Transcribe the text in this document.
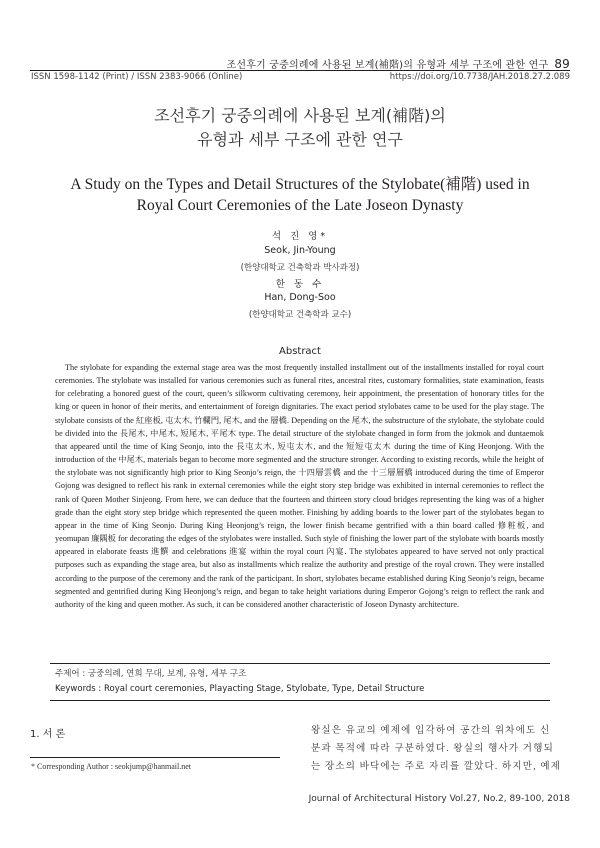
조선후기 궁중의례에 사용된 보계(補階)의 유형과 세부 구조에 관한 연구 89
ISSN 1598-1142 (Print) / ISSN 2383-9066 (Online)	https://doi.org/10.7738/JAH.2018.27.2.089
조선후기 궁중의례에 사용된 보계(補階)의
유형과 세부 구조에 관한 연구
A Study on the Types and Detail Structures of the Stylobate(補階) used in
Royal Court Ceremonies of the Late Joseon Dynasty
석 진 영*
Seok, Jin-Young
(한양대학교 건축학과 박사과정)
한 동 수
Han, Dong-Soo
(한양대학교 건축학과 교수)
Abstract
The stylobate for expanding the external stage area was the most frequently installed installment out of the installments installed for royal court ceremonies. The stylobate was installed for various ceremonies such as funeral rites, ancestral rites, customary formalities, state examination, feasts for celebrating a honored guest of the court, queen’s silkworm cultivating ceremony, heir appointment, the presentation of honorary titles for the king or queen in honor of their merits, and entertainment of foreign dignitaries. The exact period stylobates came to be used for the play stage. The stylobate consists of the 紅座板, 屯太木, 竹欄門, 尾木, and the 層橋. Depending on the 尾木, the substructure of the stylobate, the stylobate could be divided into the 長尾木, 中尾木, 短尾木, 平尾木 type. The detail structure of the stylobate changed in form from the jokmok and duntaemok that appeared until the time of King Seonjo, into the 長屯太木, 短屯太木, and the 短短屯太木 during the time of King Heonjong. With the introduction of the 中尾木, materials began to become more segmented and the structure stronger. According to existing records, while the height of the stylobate was not significantly high prior to King Seonjo’s reign, the 十四層雲橋 and the 十三層層橋 introduced during the time of Emperor Gojong was designed to reflect his rank in external ceremonies while the eight story step bridge was exhibited in internal ceremonies to reflect the rank of Queen Mother Sinjeong. From here, we can deduce that the fourteen and thirteen story cloud bridges representing the king was of a higher grade than the eight story step bridge which represented the queen mother. Finishing by adding boards to the lower part of the stylobates began to appear in the time of King Seonjo. During King Heonjong’s reign, the lower finish became gentrified with a thin board called 修粧板, and yeomupan 廉隅板 for decorating the edges of the stylobates were installed. Such style of finishing the lower part of the stylobate with boards mostly appeared in elaborate feasts 進饌 and celebrations 進宴 within the royal court 內宴. The stylobates appeared to have served not only practical purposes such as expanding the stage area, but also as installments which realize the authority and prestige of the royal crown. They were installed according to the purpose of the ceremony and the rank of the participant. In short, stylobates became established during King Seonjo’s reign, became segmented and gentrified during King Heonjong’s reign, and began to take height variations during Emperor Gojong’s reign to reflect the rank and authority of the king and queen mother. As such, it can be considered another characteristic of Joseon Dynasty architecture.
주제어 : 궁중의례, 연희 무대, 보계, 유형, 세부 구조
Keywords : Royal court ceremonies, Playacting Stage, Stylobate, Type, Detail Structure
1. 서 론
* Corresponding Author : seokjump@hanmail.net
왕실은 유교의 예제에 입각하여 공간의 위차에도 신
분과 목적에 따라 구분하였다. 왕실의 행사가 거행되
는 장소의 바닥에는 주로 자리를 깔았다. 하지만, 예제
Journal of Architectural History Vol.27, No.2, 89-100, 2018
